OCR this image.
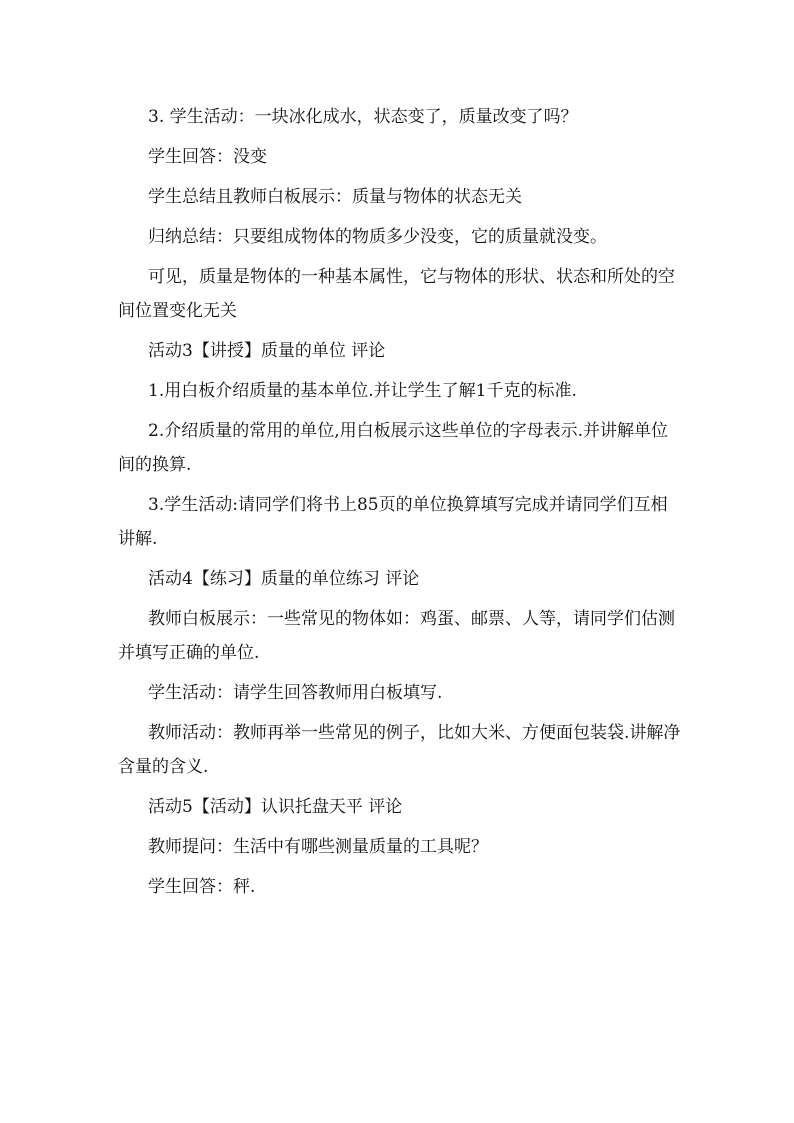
3. 学生活动：一块冰化成水，状态变了，质量改变了吗？

学生回答：没变

学生总结且教师白板展示：质量与物体的状态无关

归纳总结：只要组成物体的物质多少没变，它的质量就没变。

可见，质量是物体的一种基本属性，它与物体的形状、状态和所处的空间位置变化无关

活动3【讲授】质量的单位 评论

1.用白板介绍质量的基本单位.并让学生了解1千克的标准.

2.介绍质量的常用的单位,用白板展示这些单位的字母表示.并讲解单位间的换算.

3.学生活动:请同学们将书上85页的单位换算填写完成并请同学们互相讲解.

活动4【练习】质量的单位练习 评论

教师白板展示：一些常见的物体如：鸡蛋、邮票、人等，请同学们估测并填写正确的单位.

学生活动：请学生回答教师用白板填写.

教师活动：教师再举一些常见的例子，比如大米、方便面包装袋.讲解净含量的含义.

活动5【活动】认识托盘天平 评论

教师提问：生活中有哪些测量质量的工具呢？

学生回答：秤.
